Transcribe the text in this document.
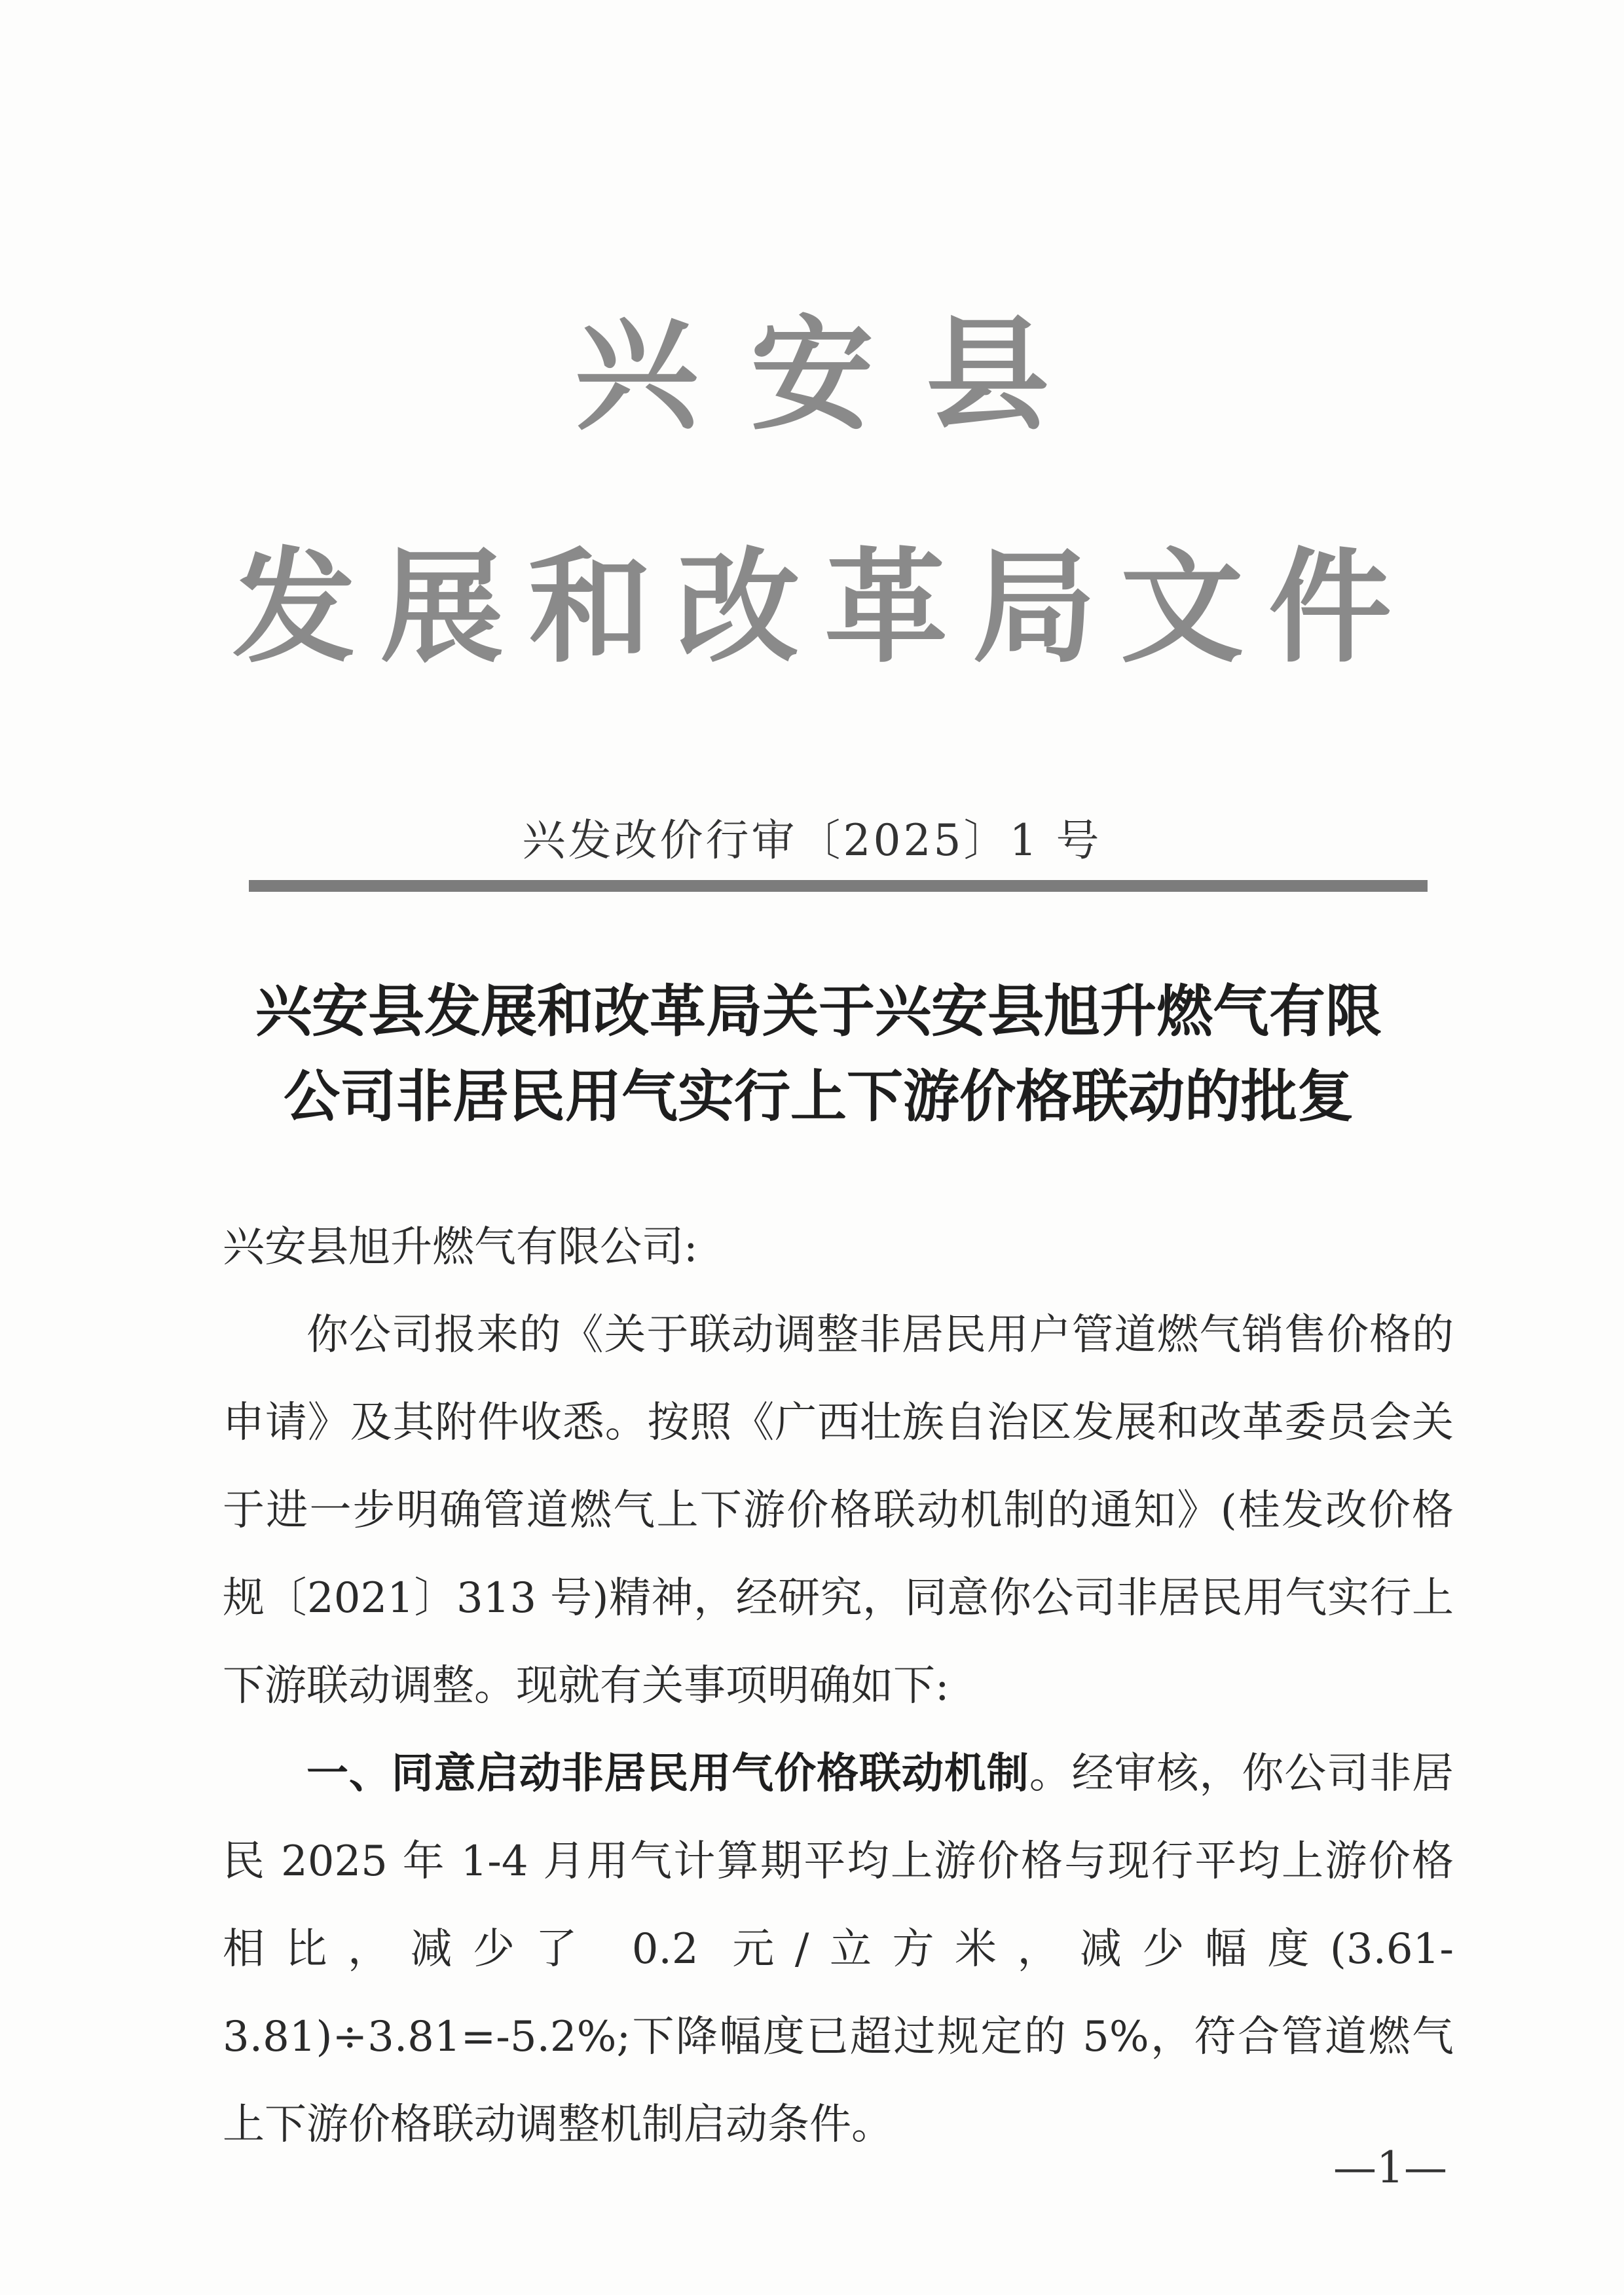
兴安县
发展和改革局文件
兴发改价行审〔2025〕1 号
兴安县发展和改革局关于兴安县旭升燃气有限
公司非居民用气实行上下游价格联动的批复

兴安县旭升燃气有限公司:

你公司报来的《关于联动调整非居民用户管道燃气销售价格的申请》及其附件收悉。按照《广西壮族自治区发展和改革委员会关于进一步明确管道燃气上下游价格联动机制的通知》(桂发改价格规〔2021〕313 号)精神，经研究，同意你公司非居民用气实行上下游联动调整。现就有关事项明确如下:

一、同意启动非居民用气价格联动机制。经审核，你公司非居民 2025 年 1-4 月用气计算期平均上游价格与现行平均上游价格相比，减少了 0.2 元/立方米，减少幅度(3.61-3.81)÷3.81=-5.2%;下降幅度已超过规定的 5%，符合管道燃气上下游价格联动调整机制启动条件。

—1—
